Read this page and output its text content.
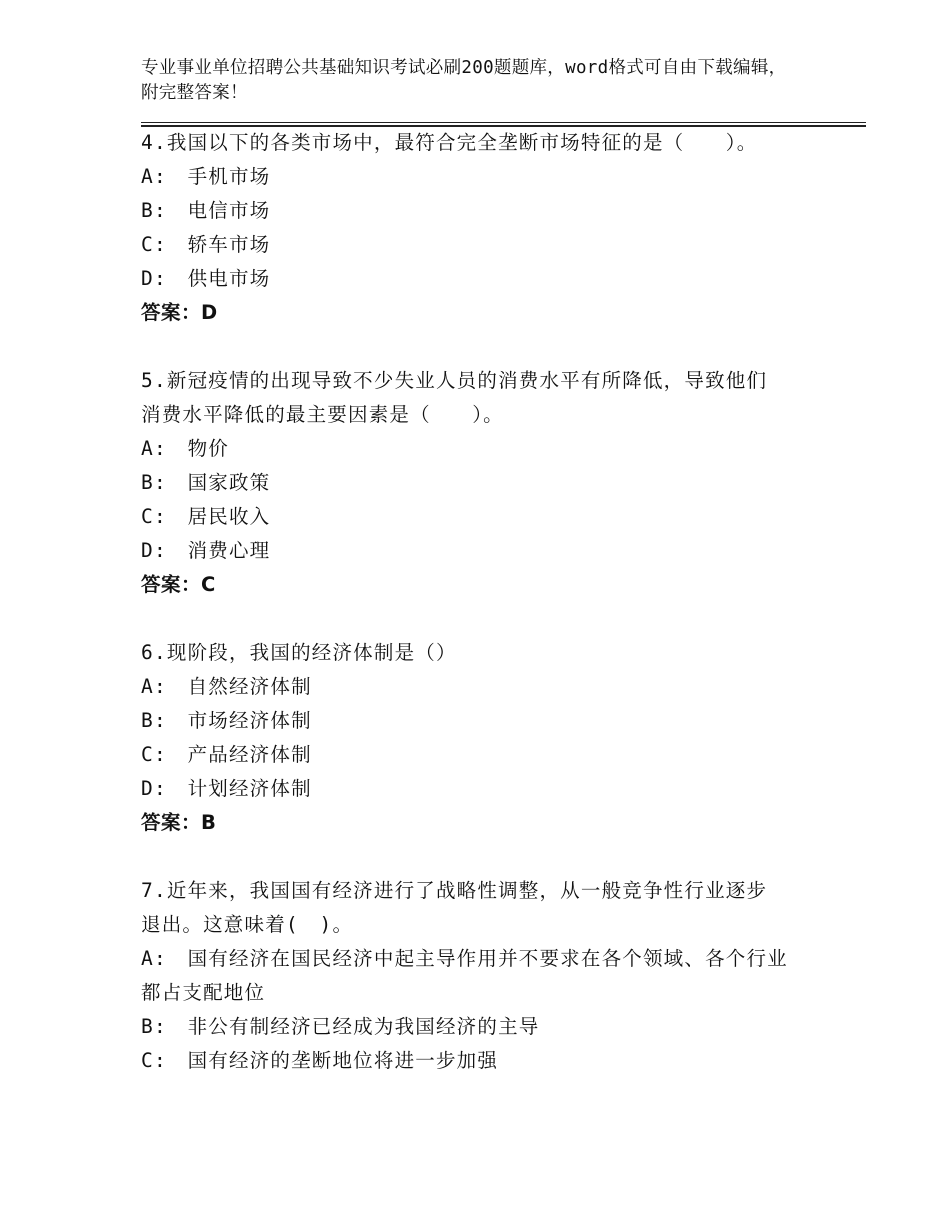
专业事业单位招聘公共基础知识考试必刷200题题库，word格式可自由下载编辑，附完整答案！
4.我国以下的各类市场中，最符合完全垄断市场特征的是（　　）。
A:　手机市场
B:　电信市场
C:　轿车市场
D:　供电市场
答案：D
5.新冠疫情的出现导致不少失业人员的消费水平有所降低，导致他们
消费水平降低的最主要因素是（　　）。
A:　物价
B:　国家政策
C:　居民收入
D:　消费心理
答案：C
6.现阶段，我国的经济体制是（）
A:　自然经济体制
B:　市场经济体制
C:　产品经济体制
D:　计划经济体制
答案：B
7.近年来，我国国有经济进行了战略性调整，从一般竞争性行业逐步
退出。这意味着(　)。
A:　国有经济在国民经济中起主导作用并不要求在各个领域、各个行业
都占支配地位
B:　非公有制经济已经成为我国经济的主导
C:　国有经济的垄断地位将进一步加强
